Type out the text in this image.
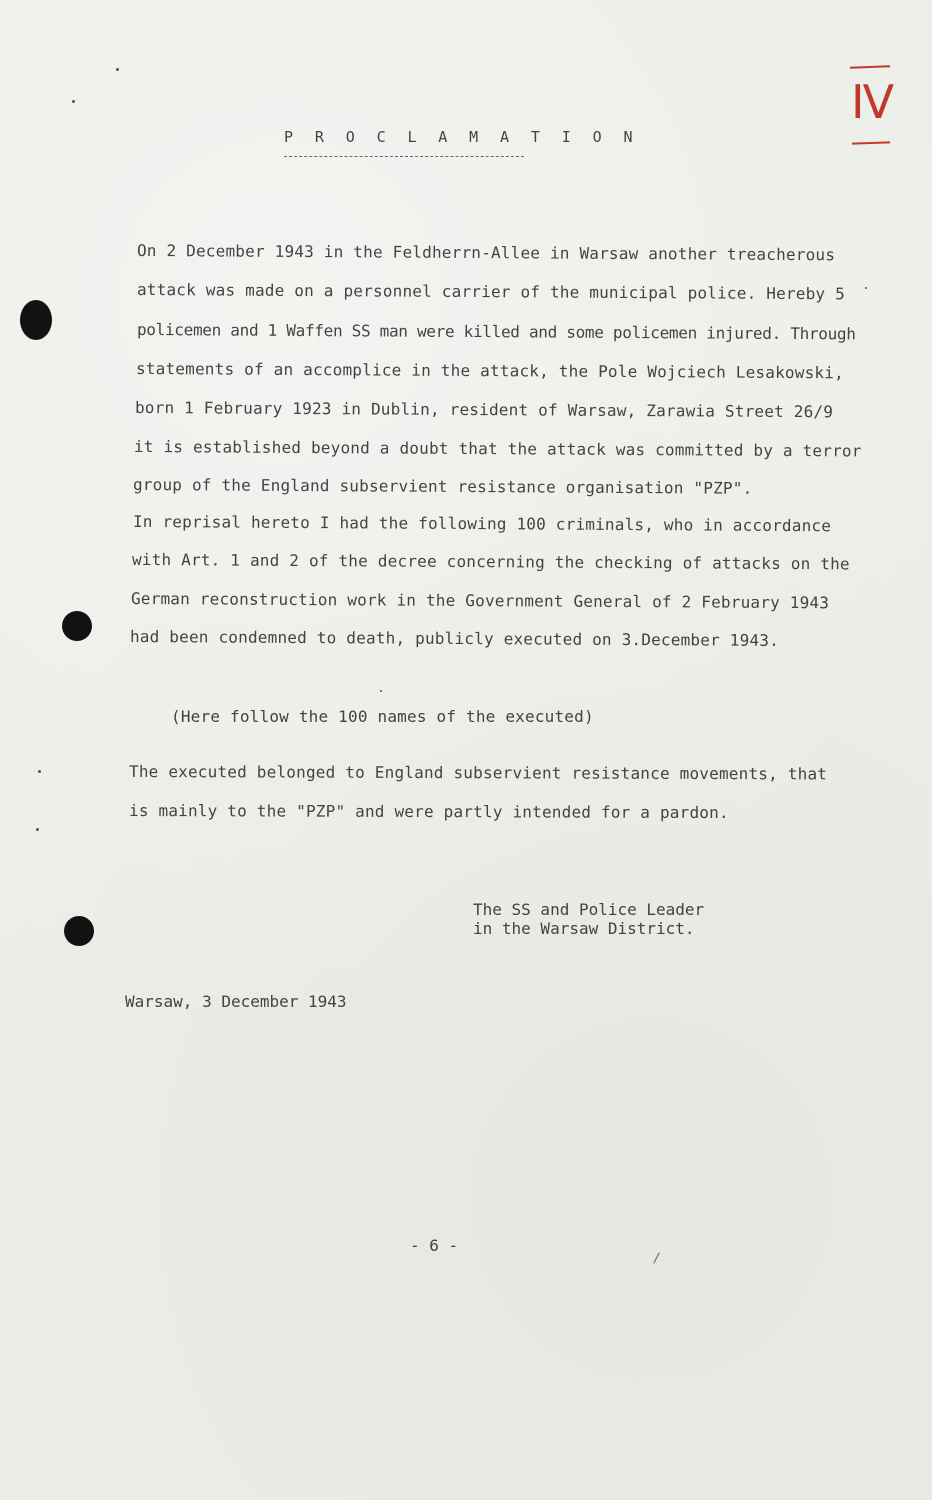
IV
P R O C L A M A T I O N
On 2 December 1943 in the Feldherrn-Allee in Warsaw another treacherous
attack was made on a personnel carrier of the municipal police. Hereby 5
policemen and 1 Waffen SS man were killed and some policemen injured. Through
statements of an accomplice in the attack, the Pole Wojciech Lesakowski,
born 1 February 1923 in Dublin, resident of Warsaw, Zarawia Street 26/9
it is established beyond a doubt that the attack was committed by a terror
group of the England subservient resistance organisation "PZP".
In reprisal hereto I had the following 100 criminals, who in accordance
with Art. 1 and 2 of the decree concerning the checking of attacks on the
German reconstruction work in the Government General of 2 February 1943
had been condemned to death, publicly executed on 3.December 1943.
(Here follow the 100 names of the executed)
The executed belonged to England subservient resistance movements, that
is mainly to the "PZP" and were partly intended for a pardon.
The SS and Police Leader
in the Warsaw District.
Warsaw, 3 December 1943
- 6 -
